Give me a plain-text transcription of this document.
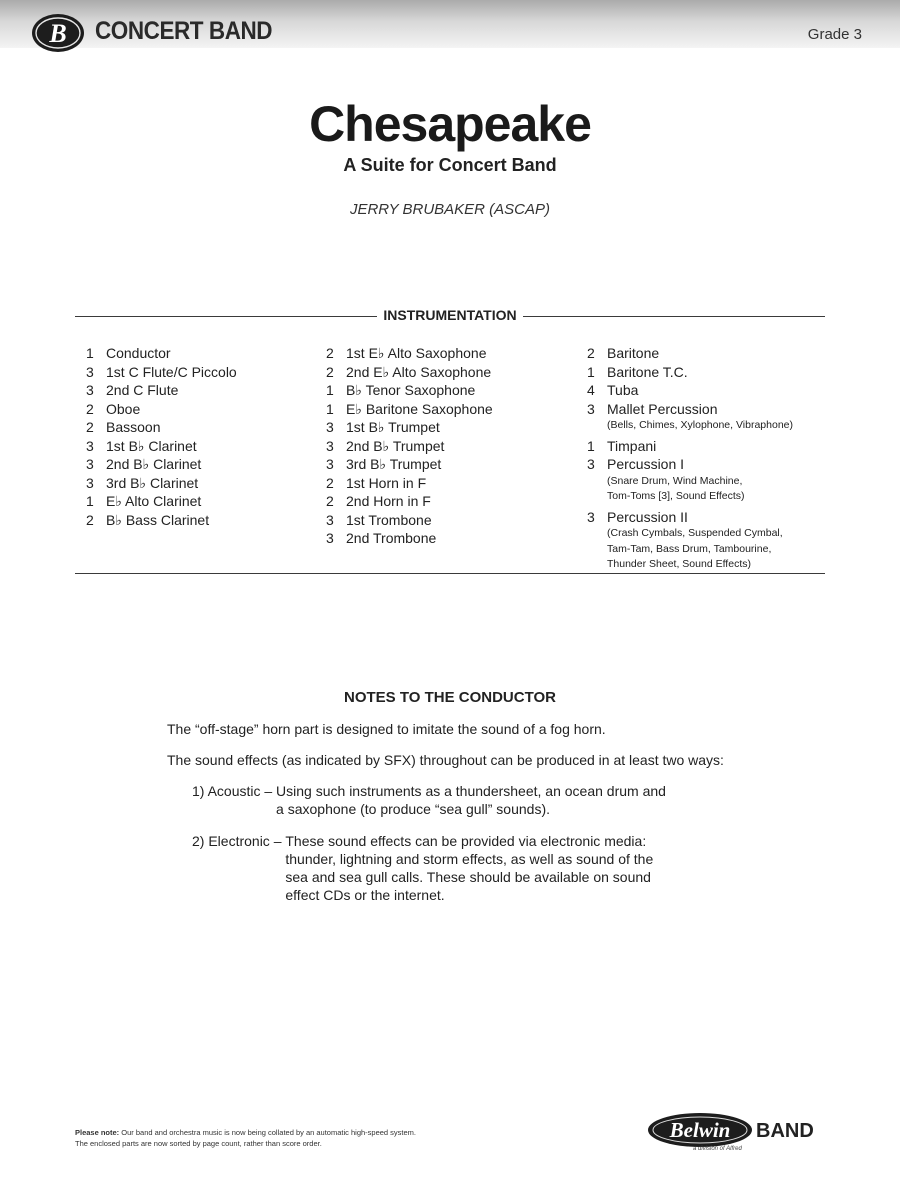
B CONCERT BAND	Grade 3
Chesapeake
A Suite for Concert Band
JERRY BRUBAKER (ASCAP)
INSTRUMENTATION
1 Conductor
3 1st C Flute/C Piccolo
3 2nd C Flute
2 Oboe
2 Bassoon
3 1st B♭ Clarinet
3 2nd B♭ Clarinet
3 3rd B♭ Clarinet
1 E♭ Alto Clarinet
2 B♭ Bass Clarinet
2 1st E♭ Alto Saxophone
2 2nd E♭ Alto Saxophone
1 B♭ Tenor Saxophone
1 E♭ Baritone Saxophone
3 1st B♭ Trumpet
3 2nd B♭ Trumpet
3 3rd B♭ Trumpet
2 1st Horn in F
2 2nd Horn in F
3 1st Trombone
3 2nd Trombone
2 Baritone
1 Baritone T.C.
4 Tuba
3 Mallet Percussion
(Bells, Chimes, Xylophone, Vibraphone)
1 Timpani
3 Percussion I
(Snare Drum, Wind Machine,
Tom-Toms [3], Sound Effects)
3 Percussion II
(Crash Cymbals, Suspended Cymbal,
Tam-Tam, Bass Drum, Tambourine,
Thunder Sheet, Sound Effects)
NOTES TO THE CONDUCTOR
The “off-stage” horn part is designed to imitate the sound of a fog horn.
The sound effects (as indicated by SFX) throughout can be produced in at least two ways:
1) Acoustic – Using such instruments as a thundersheet, an ocean drum and
a saxophone (to produce “sea gull” sounds).
2) Electronic – These sound effects can be provided via electronic media:
thunder, lightning and storm effects, as well as sound of the
sea and sea gull calls. These should be available on sound
effect CDs or the internet.
Please note: Our band and orchestra music is now being collated by an automatic high-speed system.
The enclosed parts are now sorted by page count, rather than score order.
Belwin BAND
a division of Alfred
